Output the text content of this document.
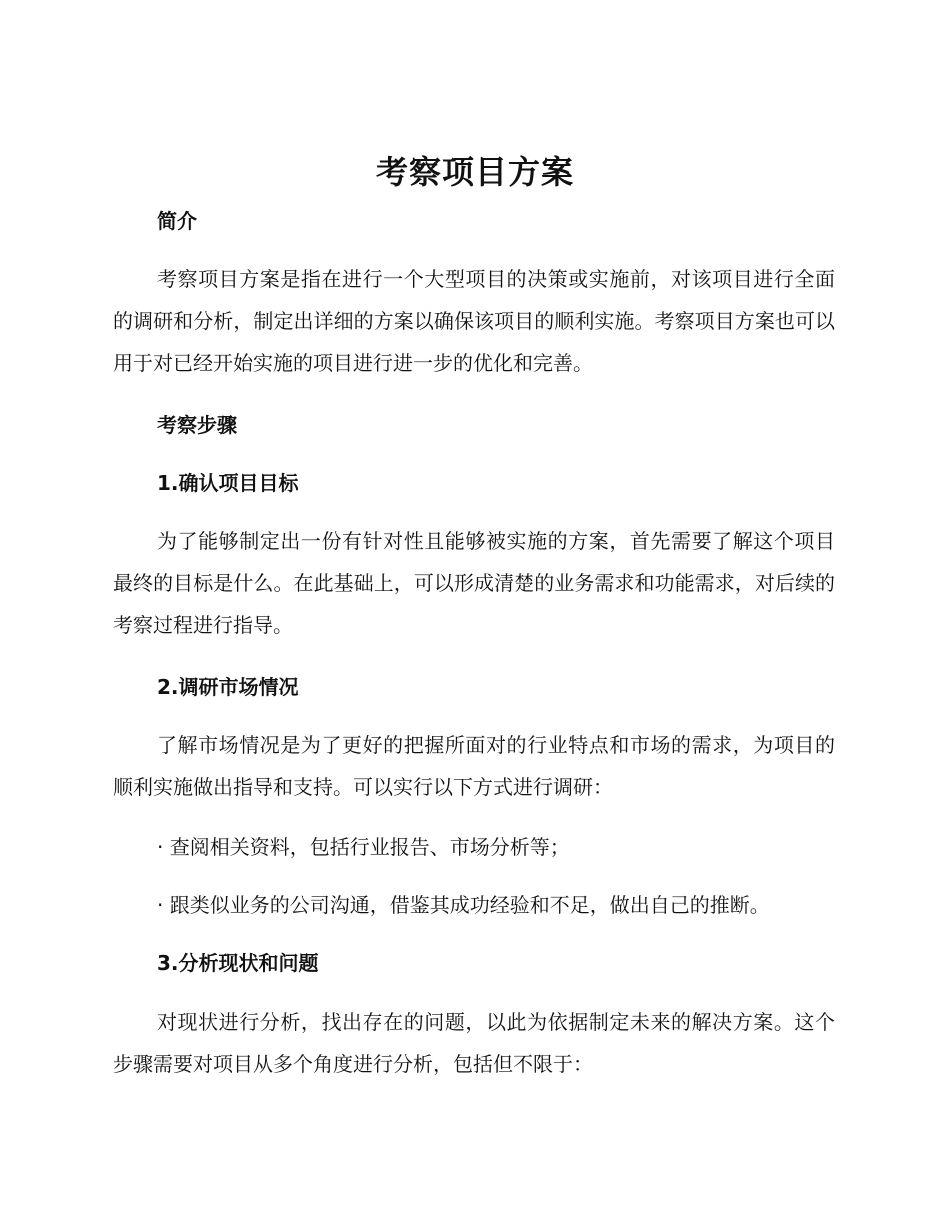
考察项目方案
简介
考察项目方案是指在进行一个大型项目的决策或实施前，对该项目进行全面的调研和分析，制定出详细的方案以确保该项目的顺利实施。考察项目方案也可以用于对已经开始实施的项目进行进一步的优化和完善。
考察步骤
1.确认项目目标
为了能够制定出一份有针对性且能够被实施的方案，首先需要了解这个项目最终的目标是什么。在此基础上，可以形成清楚的业务需求和功能需求，对后续的考察过程进行指导。
2.调研市场情况
了解市场情况是为了更好的把握所面对的行业特点和市场的需求，为项目的顺利实施做出指导和支持。可以实行以下方式进行调研：
· 查阅相关资料，包括行业报告、市场分析等；
· 跟类似业务的公司沟通，借鉴其成功经验和不足，做出自己的推断。
3.分析现状和问题
对现状进行分析，找出存在的问题，以此为依据制定未来的解决方案。这个步骤需要对项目从多个角度进行分析，包括但不限于：
